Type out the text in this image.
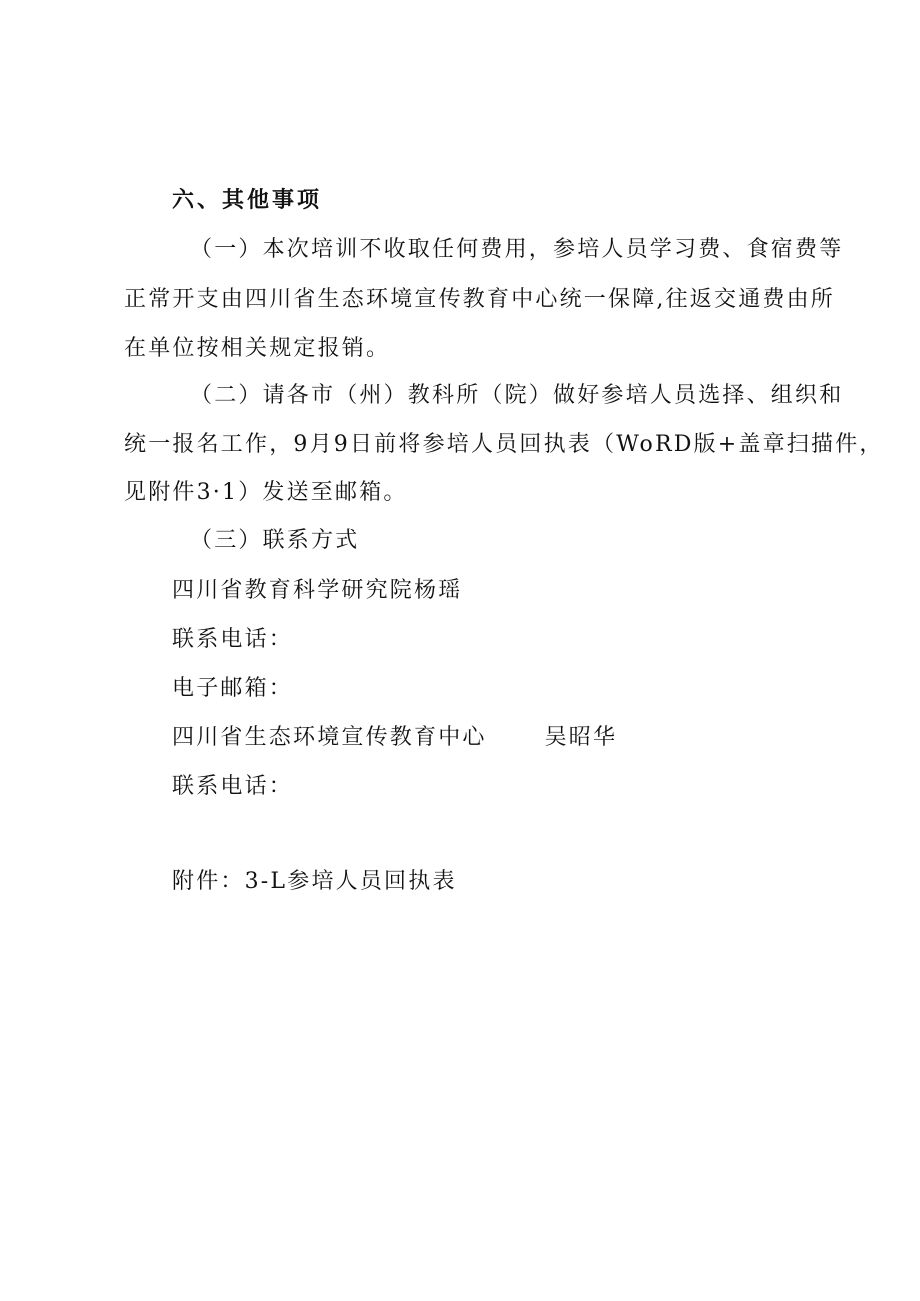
六、其他事项
（一）本次培训不收取任何费用，参培人员学习费、食宿费等
正常开支由四川省生态环境宣传教育中心统一保障,往返交通费由所
在单位按相关规定报销。
（二）请各市（州）教科所（院）做好参培人员选择、组织和
统一报名工作，9月9日前将参培人员回执表（WoRD版+盖章扫描件，
见附件3·1）发送至邮箱。
（三）联系方式
四川省教育科学研究院杨瑶
联系电话：
电子邮箱：
四川省生态环境宣传教育中心	吴昭华
联系电话：
附件：3-L参培人员回执表
